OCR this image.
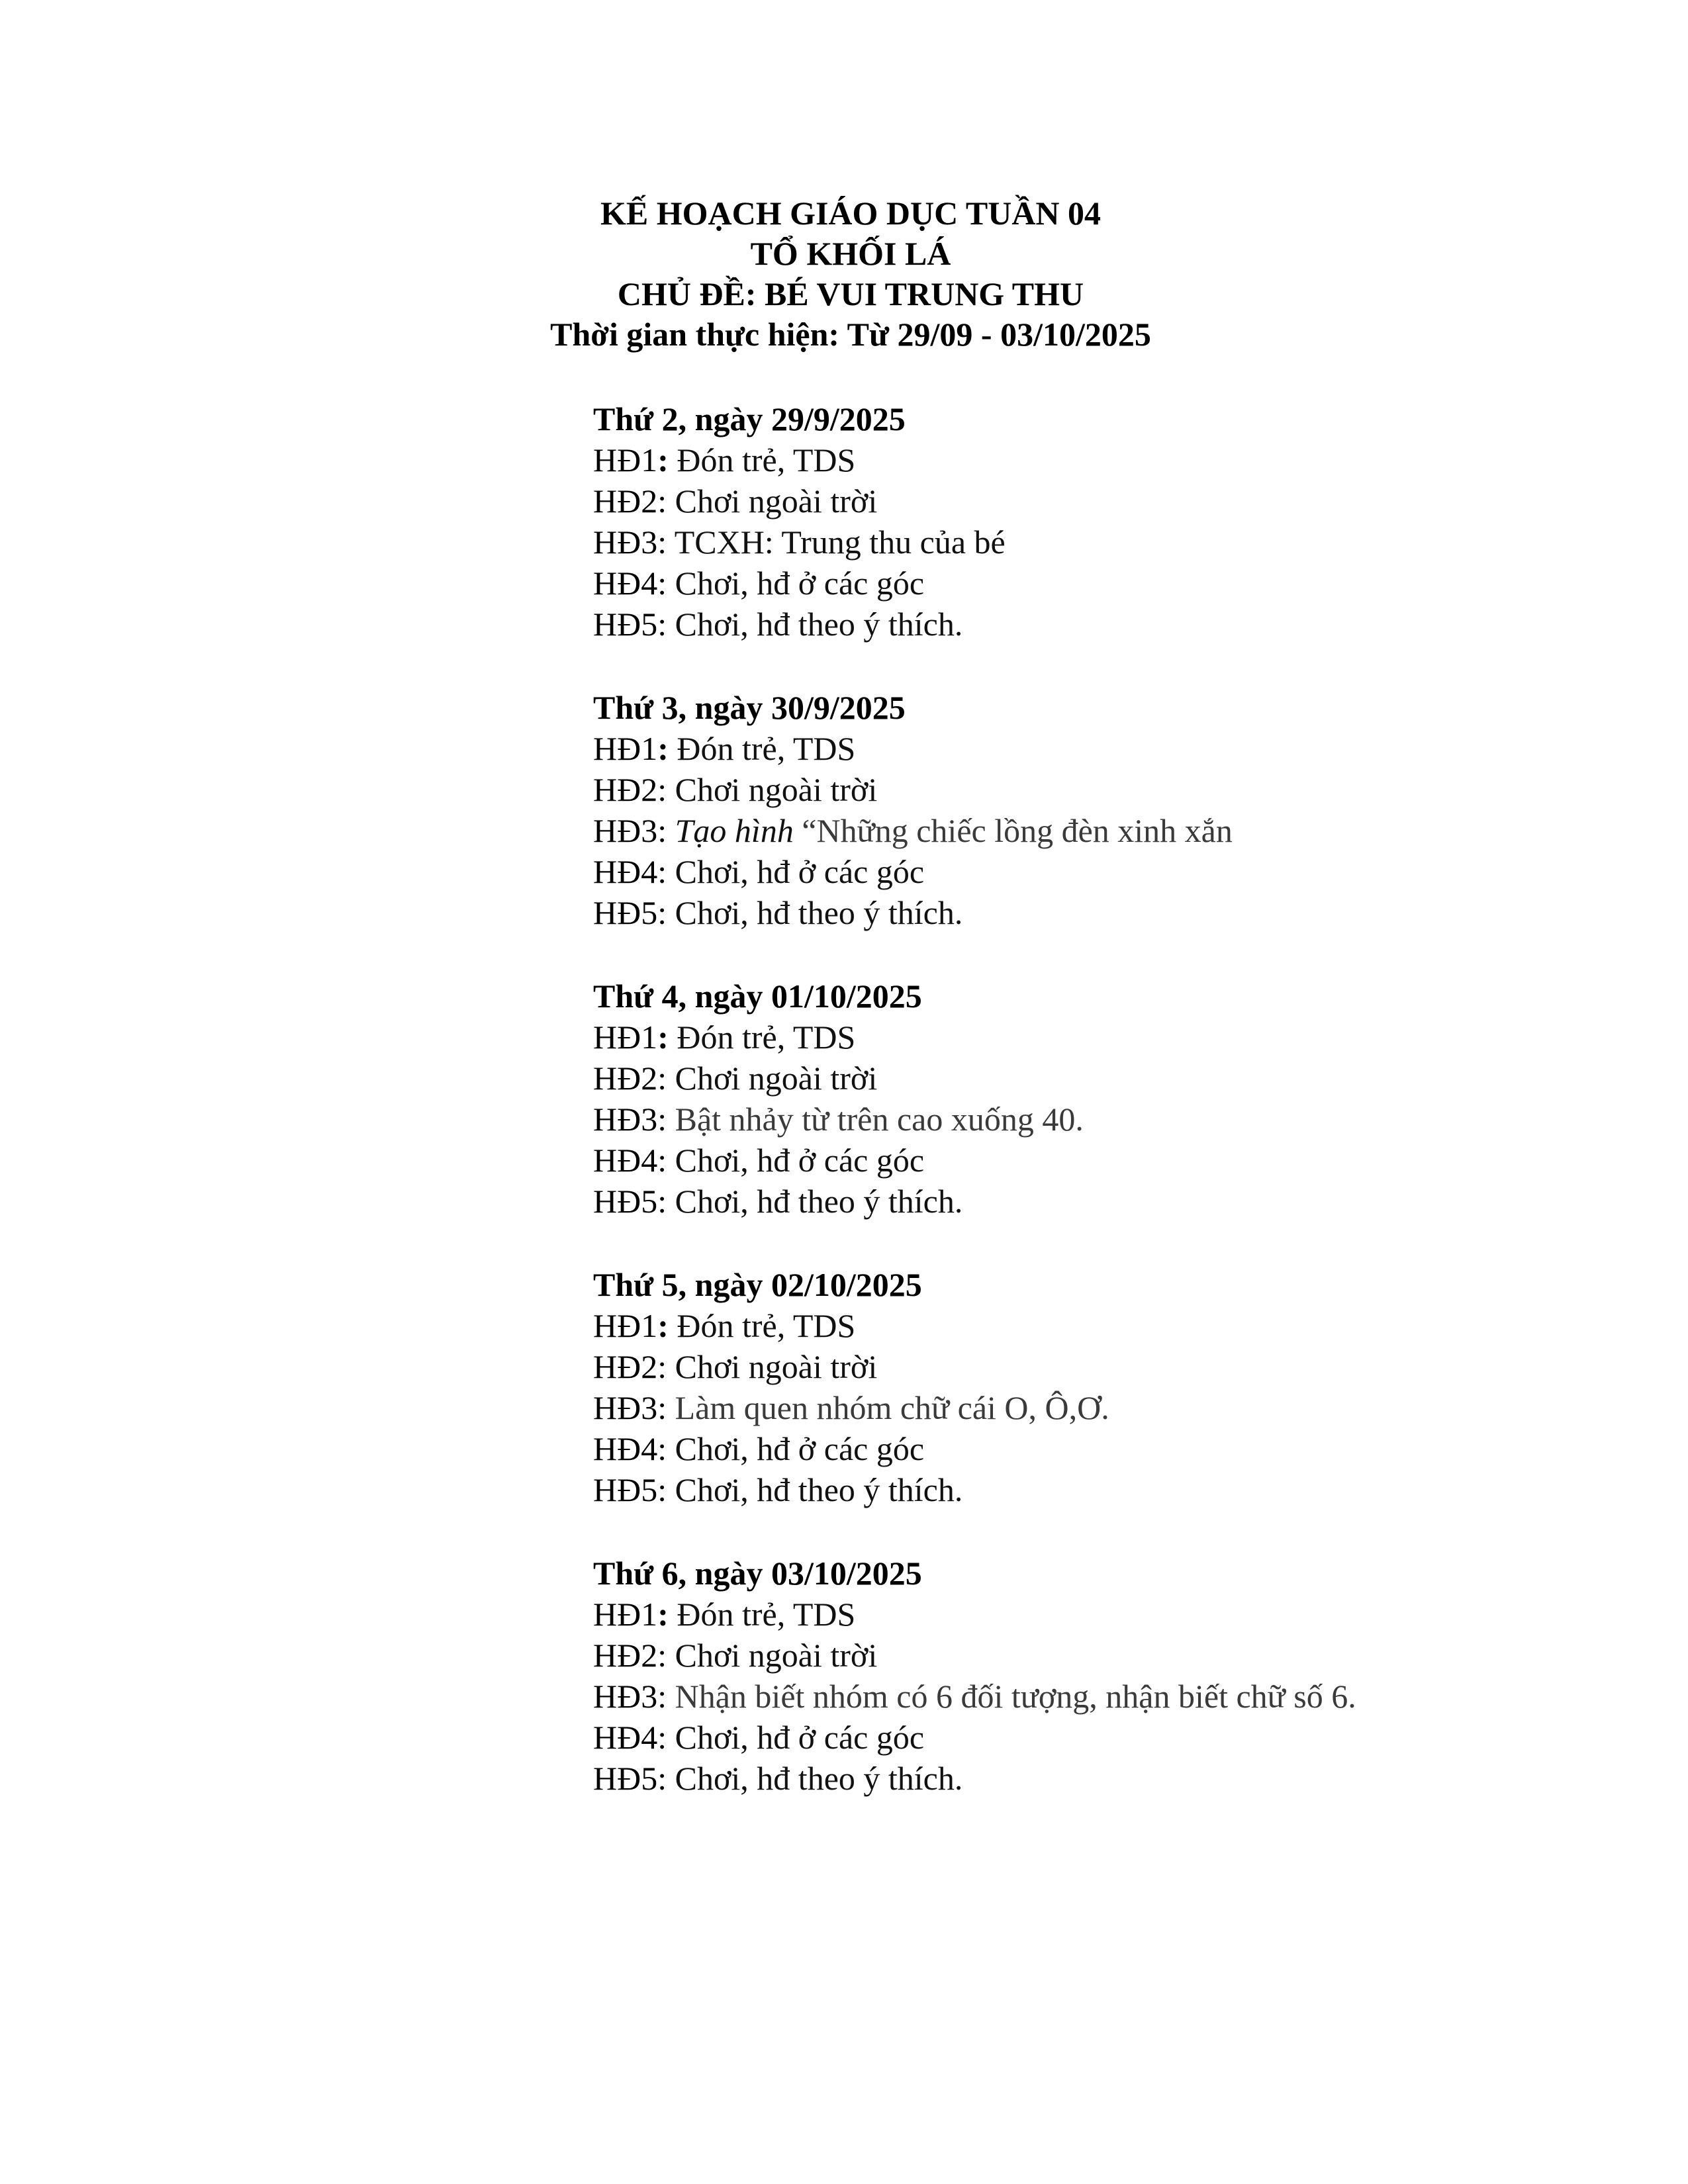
KẾ HOẠCH GIÁO DỤC TUẦN 04
TỔ KHỐI LÁ
CHỦ ĐỀ: BÉ VUI TRUNG THU
Thời gian thực hiện: Từ 29/09 - 03/10/2025
Thứ 2, ngày 29/9/2025
HĐ1: Đón trẻ, TDS
HĐ2: Chơi ngoài trời
HĐ3: TCXH: Trung thu của bé
HĐ4: Chơi, hđ ở các góc
HĐ5: Chơi, hđ theo ý thích.
Thứ 3, ngày 30/9/2025
HĐ1: Đón trẻ, TDS
HĐ2: Chơi ngoài trời
HĐ3: Tạo hình “Những chiếc lồng đèn xinh xắn
HĐ4: Chơi, hđ ở các góc
HĐ5: Chơi, hđ theo ý thích.
Thứ 4, ngày 01/10/2025
HĐ1: Đón trẻ, TDS
HĐ2: Chơi ngoài trời
HĐ3: Bật nhảy từ trên cao xuống 40.
HĐ4: Chơi, hđ ở các góc
HĐ5: Chơi, hđ theo ý thích.
Thứ 5, ngày 02/10/2025
HĐ1: Đón trẻ, TDS
HĐ2: Chơi ngoài trời
HĐ3: Làm quen nhóm chữ cái O, Ô,Ơ.
HĐ4: Chơi, hđ ở các góc
HĐ5: Chơi, hđ theo ý thích.
Thứ 6, ngày 03/10/2025
HĐ1: Đón trẻ, TDS
HĐ2: Chơi ngoài trời
HĐ3: Nhận biết nhóm có 6 đối tượng, nhận biết chữ số 6.
HĐ4: Chơi, hđ ở các góc
HĐ5: Chơi, hđ theo ý thích.
